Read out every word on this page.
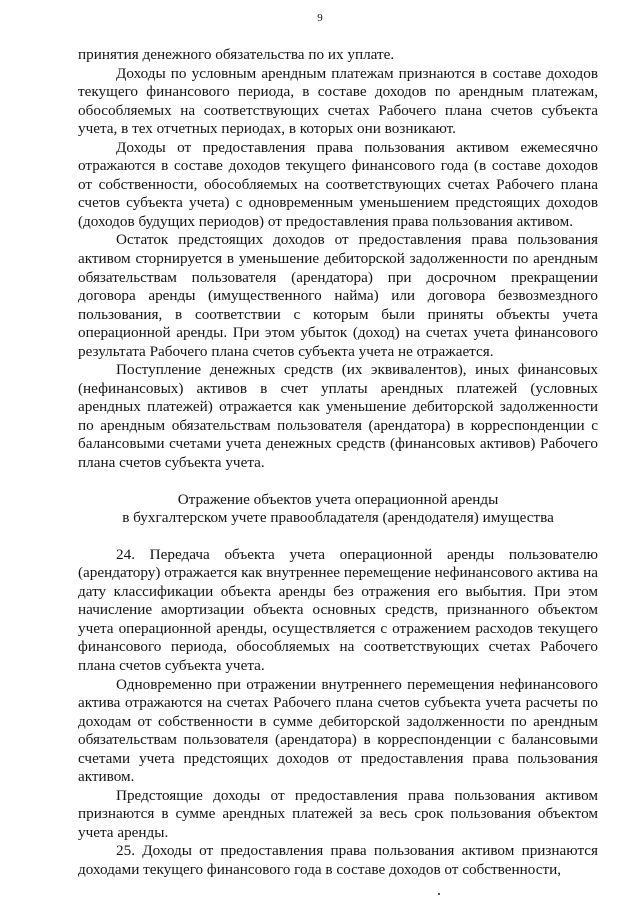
9

принятия денежного обязательства по их уплате.

Доходы по условным арендным платежам признаются в составе доходов текущего финансового периода, в составе доходов по арендным платежам, обособляемых на соответствующих счетах Рабочего плана счетов субъекта учета, в тех отчетных периодах, в которых они возникают.

Доходы от предоставления права пользования активом ежемесячно отражаются в составе доходов текущего финансового года (в составе доходов от собственности, обособляемых на соответствующих счетах Рабочего плана счетов субъекта учета) с одновременным уменьшением предстоящих доходов (доходов будущих периодов) от предоставления права пользования активом.

Остаток предстоящих доходов от предоставления права пользования активом сторнируется в уменьшение дебиторской задолженности по арендным обязательствам пользователя (арендатора) при досрочном прекращении договора аренды (имущественного найма) или договора безвозмездного пользования, в соответствии с которым были приняты объекты учета операционной аренды. При этом убыток (доход) на счетах учета финансового результата Рабочего плана счетов субъекта учета не отражается.

Поступление денежных средств (их эквивалентов), иных финансовых (нефинансовых) активов в счет уплаты арендных платежей (условных арендных платежей) отражается как уменьшение дебиторской задолженности по арендным обязательствам пользователя (арендатора) в корреспонденции с балансовыми счетами учета денежных средств (финансовых активов) Рабочего плана счетов субъекта учета.

Отражение объектов учета операционной аренды
в бухгалтерском учете правообладателя (арендодателя) имущества

24. Передача объекта учета операционной аренды пользователю (арендатору) отражается как внутреннее перемещение нефинансового актива на дату классификации объекта аренды без отражения его выбытия. При этом начисление амортизации объекта основных средств, признанного объектом учета операционной аренды, осуществляется с отражением расходов текущего финансового периода, обособляемых на соответствующих счетах Рабочего плана счетов субъекта учета.

Одновременно при отражении внутреннего перемещения нефинансового актива отражаются на счетах Рабочего плана счетов субъекта учета расчеты по доходам от собственности в сумме дебиторской задолженности по арендным обязательствам пользователя (арендатора) в корреспонденции с балансовыми счетами учета предстоящих доходов от предоставления права пользования активом.

Предстоящие доходы от предоставления права пользования активом признаются в сумме арендных платежей за весь срок пользования объектом учета аренды.

25. Доходы от предоставления права пользования активом признаются доходами текущего финансового года в составе доходов от собственности,
